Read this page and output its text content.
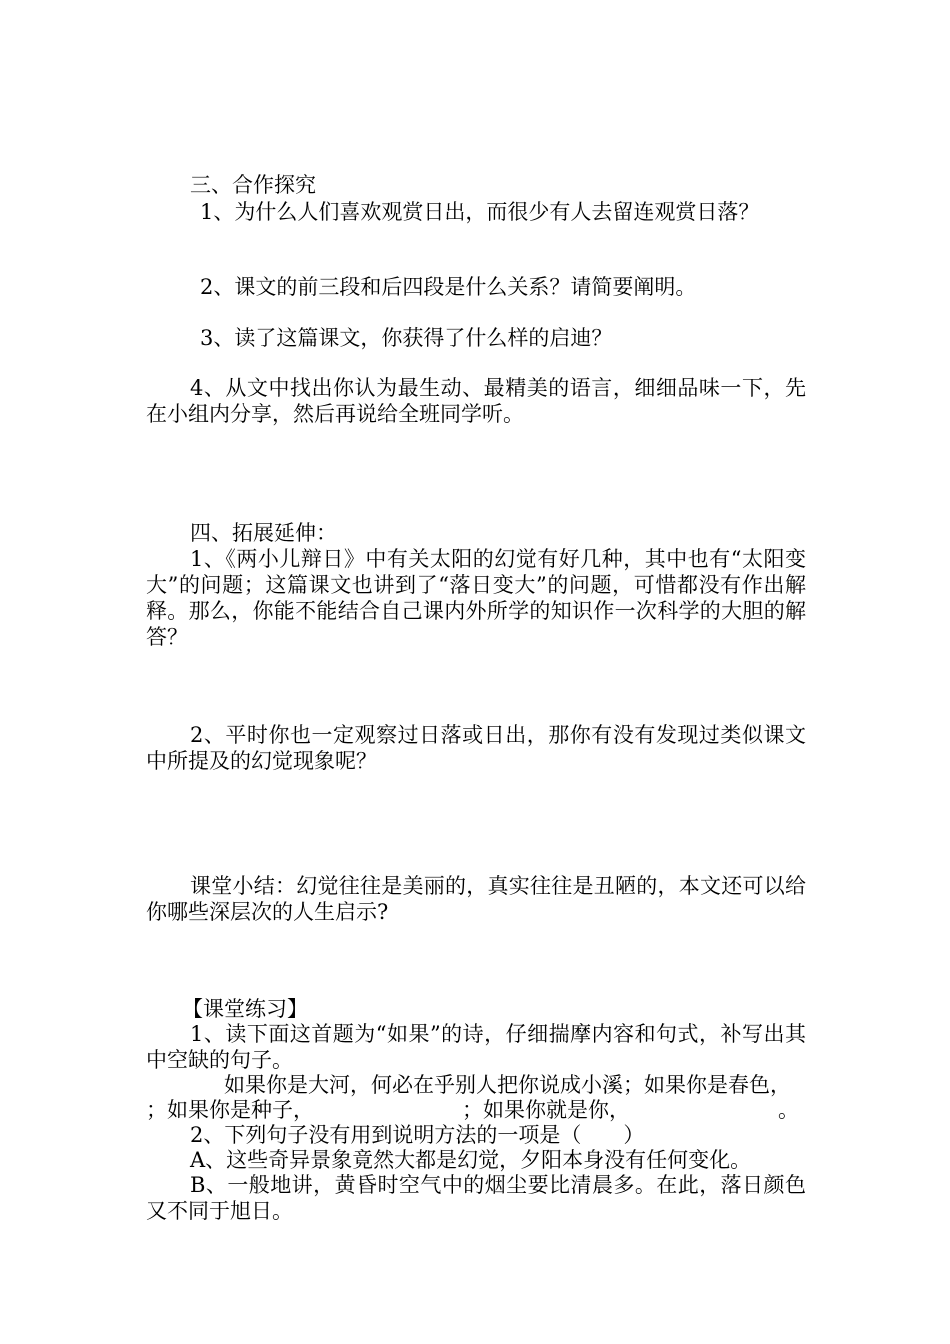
三、合作探究

1、为什么人们喜欢观赏日出，而很少有人去留连观赏日落？

2、课文的前三段和后四段是什么关系？请简要阐明。

3、读了这篇课文，你获得了什么样的启迪？

4、从文中找出你认为最生动、最精美的语言，细细品味一下，先在小组内分享，然后再说给全班同学听。

四、拓展延伸：

1、《两小儿辩日》中有关太阳的幻觉有好几种，其中也有“太阳变大”的问题；这篇课文也讲到了“落日变大”的问题，可惜都没有作出解释。那么，你能不能结合自己课内外所学的知识作一次科学的大胆的解答？

2、平时你也一定观察过日落或日出，那你有没有发现过类似课文中所提及的幻觉现象呢？

课堂小结：幻觉往往是美丽的，真实往往是丑陋的，本文还可以给你哪些深层次的人生启示?

【课堂练习】

1、读下面这首题为“如果”的诗，仔细揣摩内容和句式，补写出其中空缺的句子。

如果你是大河，何必在乎别人把你说成小溪；如果你是春色，

；如果你是种子，	；如果你就是你，	。

2、下列句子没有用到说明方法的一项是（　　）

A、这些奇异景象竟然大都是幻觉，夕阳本身没有任何变化。

B、一般地讲，黄昏时空气中的烟尘要比清晨多。在此，落日颜色又不同于旭日。
